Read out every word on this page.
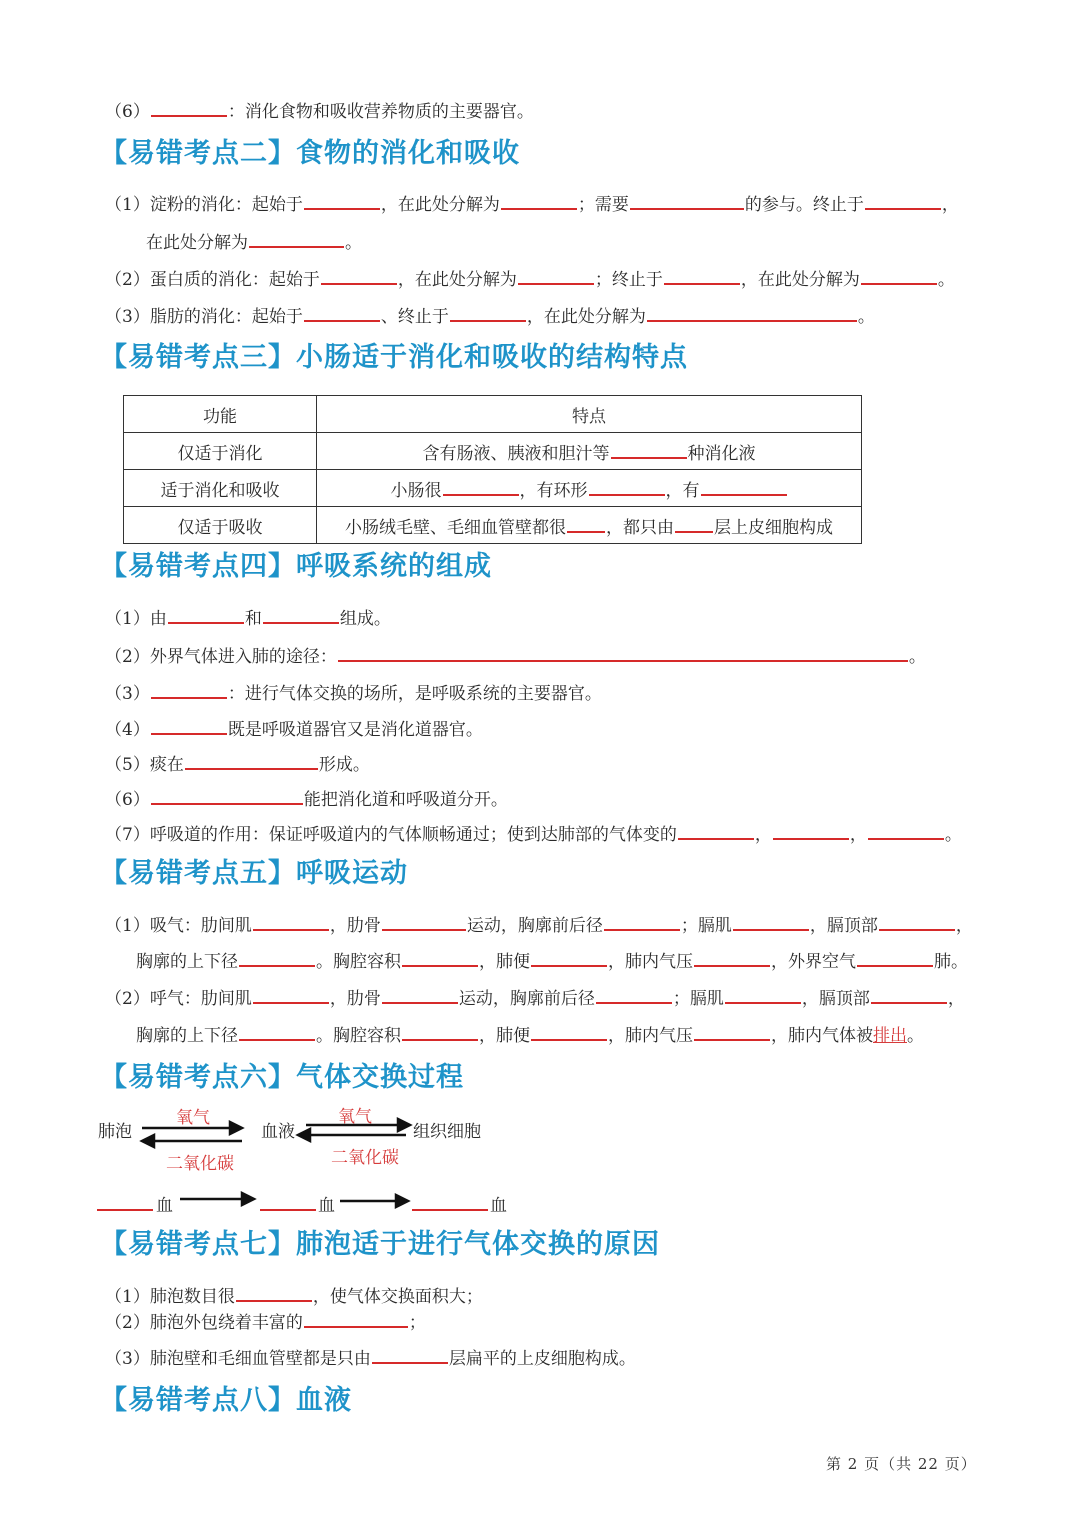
（6）	：消化食物和吸收营养物质的主要器官。
【易错考点二】食物的消化和吸收
（1）淀粉的消化：起始于	，在此处分解为	；需要	的参与。终止于	，
在此处分解为	。
（2）蛋白质的消化：起始于	，在此处分解为	；终止于	，在此处分解为	。
（3）脂肪的消化：起始于	、终止于	，在此处分解为	。
【易错考点三】小肠适于消化和吸收的结构特点
功能	特点
仅适于消化	含有肠液、胰液和胆汁等 种消化液
适于消化和吸收	小肠很 ，有环形 ，有
仅适于吸收	小肠绒毛壁、毛细血管壁都很 ，都只由 层上皮细胞构成
【易错考点四】呼吸系统的组成
（1）由	和	组成。
（2）外界气体进入肺的途径：	。
（3）	：进行气体交换的场所，是呼吸系统的主要器官。
（4）	既是呼吸道器官又是消化道器官。
（5）痰在	形成。
（6）	能把消化道和呼吸道分开。
（7）呼吸道的作用：保证呼吸道内的气体顺畅通过；使到达肺部的气体变的	，	，	。
【易错考点五】呼吸运动
（1）吸气：肋间肌	，肋骨	运动，胸廓前后径	；膈肌	，膈顶部	，
胸廓的上下径	。胸腔容积	，肺便	，肺内气压	，外界空气	肺。
（2）呼气：肋间肌	，肋骨	运动，胸廓前后径	；膈肌	，膈顶部	，
胸廓的上下径	。胸腔容积	，肺便	，肺内气压	，肺内气体被排出。
【易错考点六】气体交换过程
肺泡
氧气
二氧化碳
血液
氧气
二氧化碳
组织细胞
血	血	血
【易错考点七】肺泡适于进行气体交换的原因
（1）肺泡数目很	，使气体交换面积大；
（2）肺泡外包绕着丰富的	；
（3）肺泡壁和毛细血管壁都是只由	层扁平的上皮细胞构成。
【易错考点八】血液
第 2 页（共 22 页）
